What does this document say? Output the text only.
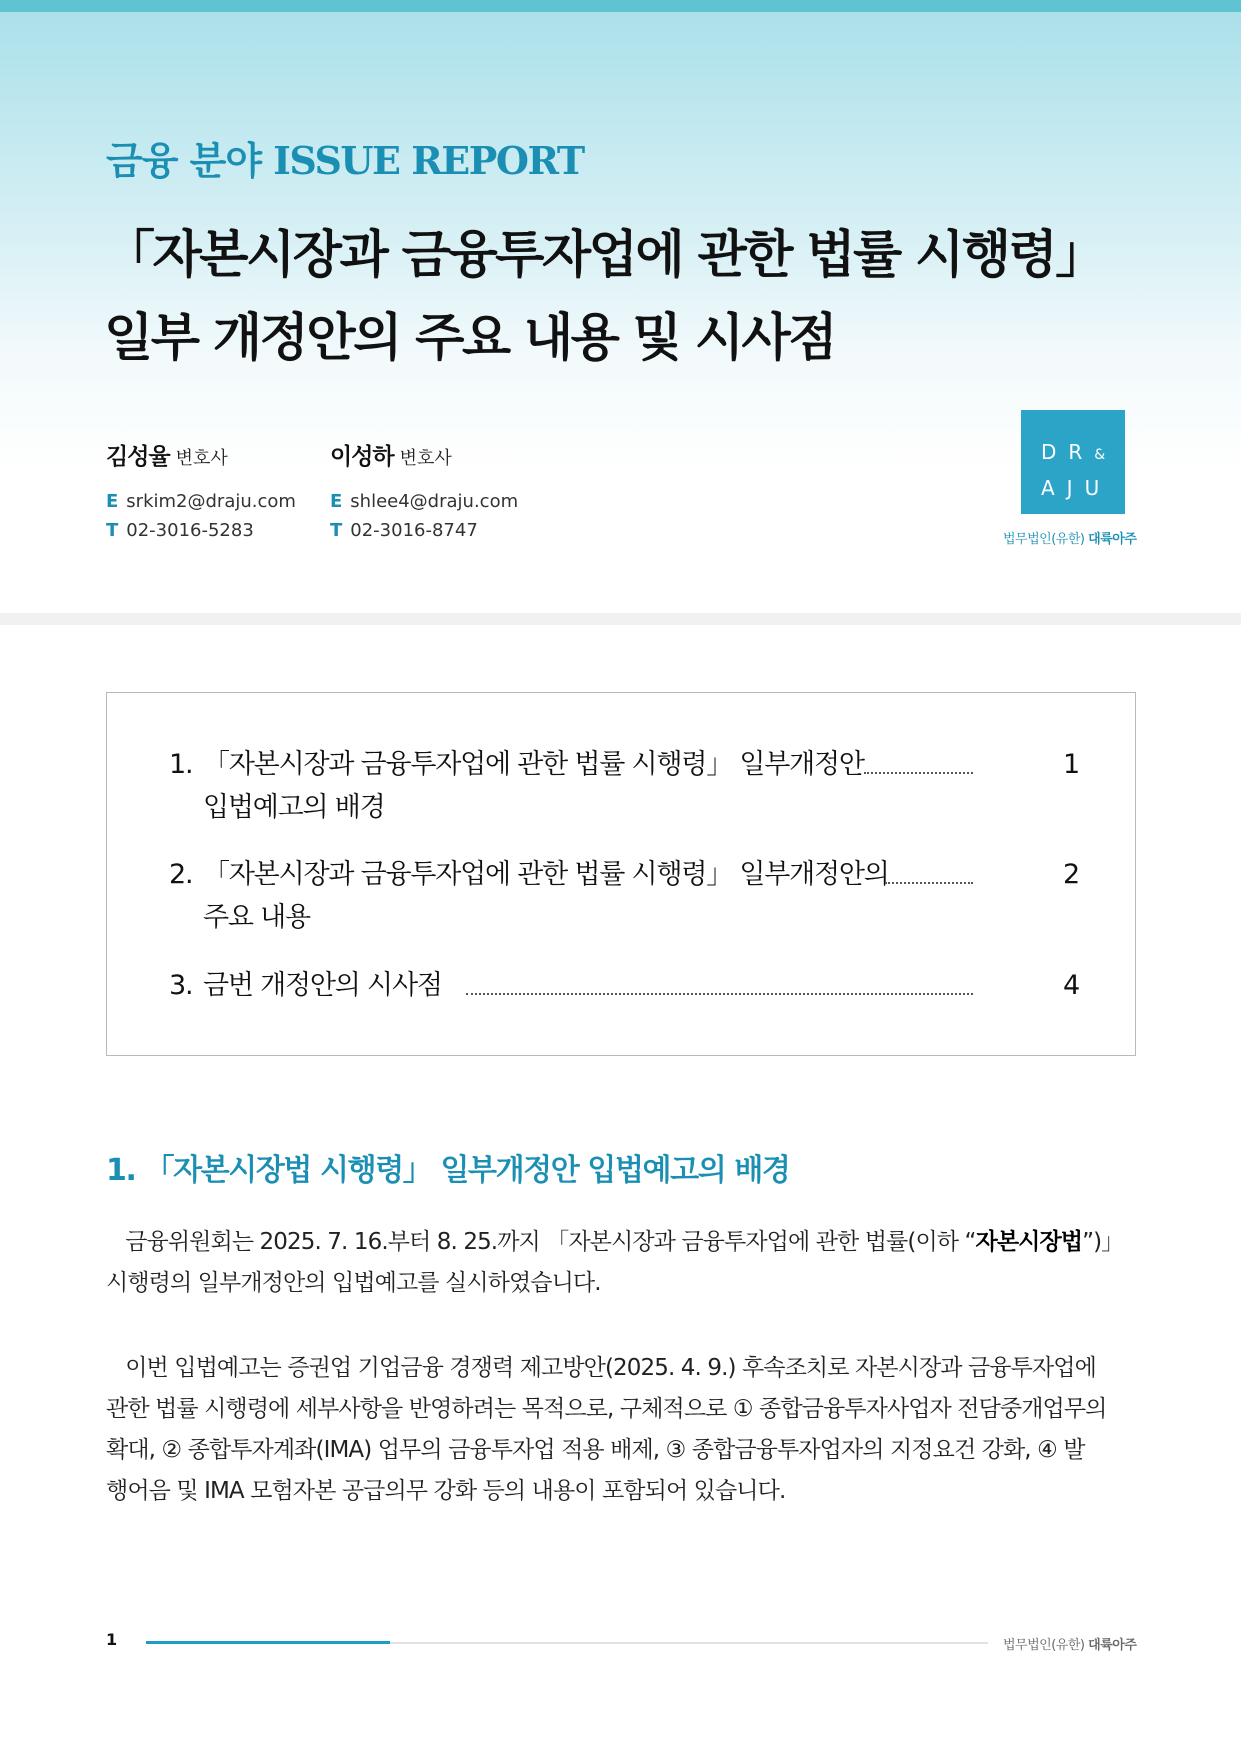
금융 분야 ISSUE REPORT
「자본시장과 금융투자업에 관한 법률 시행령」
일부 개정안의 주요 내용 및 시사점
김성율 변호사
E srkim2@draju.com
T 02-3016-5283
이성하 변호사
E shlee4@draju.com
T 02-3016-8747
DR&
AJU
법무법인(유한) 대륙아주
1. 「자본시장과 금융투자업에 관한 법률 시행령」 일부개정안
입법예고의 배경
1
2. 「자본시장과 금융투자업에 관한 법률 시행령」 일부개정안의
주요 내용
2
3. 금번 개정안의 시사점	4
1. 「자본시장법 시행령」 일부개정안 입법예고의 배경
금융위원회는 2025. 7. 16.부터 8. 25.까지 「자본시장과 금융투자업에 관한 법률(이하 “자본시장법”)」
시행령의 일부개정안의 입법예고를 실시하였습니다.
이번 입법예고는 증권업 기업금융 경쟁력 제고방안(2025. 4. 9.) 후속조치로 자본시장과 금융투자업에
관한 법률 시행령에 세부사항을 반영하려는 목적으로, 구체적으로 ① 종합금융투자사업자 전담중개업무의
확대, ② 종합투자계좌(IMA) 업무의 금융투자업 적용 배제, ③ 종합금융투자업자의 지정요건 강화, ④ 발
행어음 및 IMA 모험자본 공급의무 강화 등의 내용이 포함되어 있습니다.
1	법무법인(유한) 대륙아주
